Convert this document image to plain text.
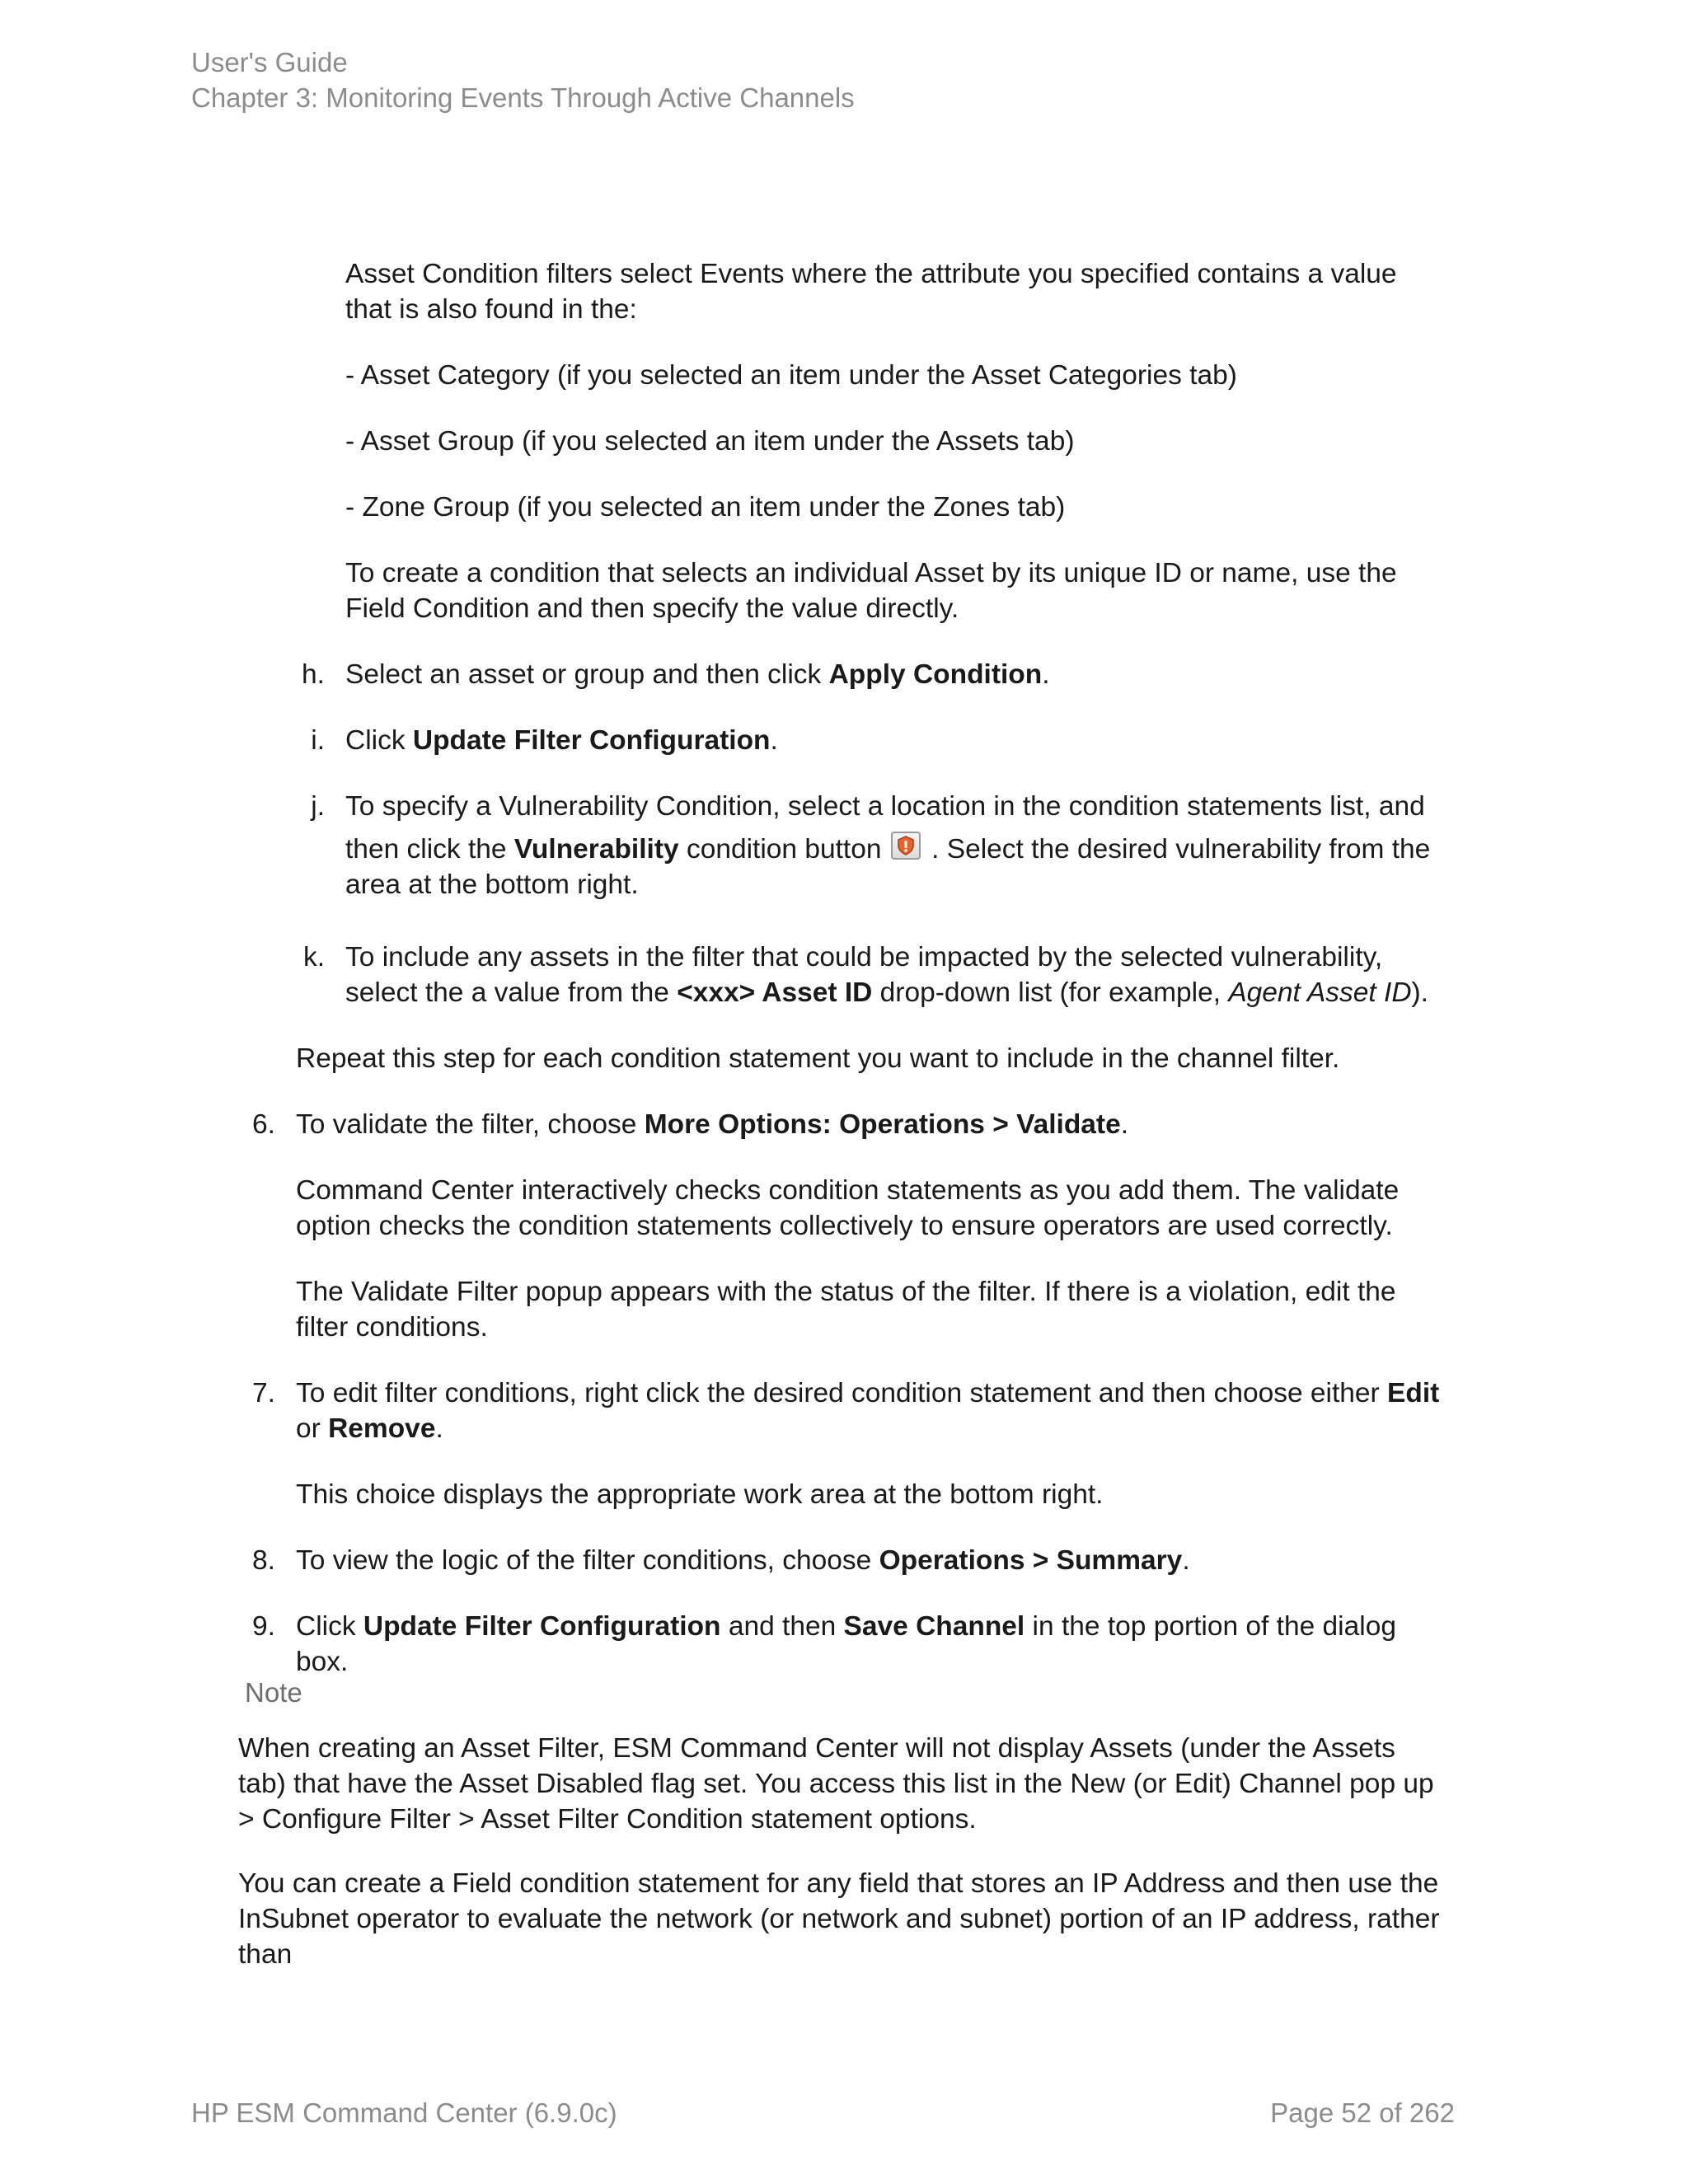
User's Guide
Chapter 3: Monitoring Events Through Active Channels

Asset Condition filters select Events where the attribute you specified contains a value that is also found in the:

- Asset Category (if you selected an item under the Asset Categories tab)

- Asset Group (if you selected an item under the Assets tab)

- Zone Group (if you selected an item under the Zones tab)

To create a condition that selects an individual Asset by its unique ID or name, use the Field Condition and then specify the value directly.

h. Select an asset or group and then click Apply Condition.

i. Click Update Filter Configuration.

j. To specify a Vulnerability Condition, select a location in the condition statements list, and
then click the Vulnerability condition button . Select the desired vulnerability from the area at the bottom right.
k. To include any assets in the filter that could be impacted by the selected vulnerability, select the a value from the <xxx> Asset ID drop-down list (for example, Agent Asset ID).

Repeat this step for each condition statement you want to include in the channel filter.

6. To validate the filter, choose More Options: Operations > Validate.

Command Center interactively checks condition statements as you add them. The validate option checks the condition statements collectively to ensure operators are used correctly.

The Validate Filter popup appears with the status of the filter. If there is a violation, edit the filter conditions.

7. To edit filter conditions, right click the desired condition statement and then choose either Edit or Remove.

This choice displays the appropriate work area at the bottom right.

8. To view the logic of the filter conditions, choose Operations > Summary.

9. Click Update Filter Configuration and then Save Channel in the top portion of the dialog box.

Note

When creating an Asset Filter, ESM Command Center will not display Assets (under the Assets tab) that have the Asset Disabled flag set. You access this list in the New (or Edit) Channel pop up > Configure Filter > Asset Filter Condition statement options.

You can create a Field condition statement for any field that stores an IP Address and then use the InSubnet operator to evaluate the network (or network and subnet) portion of an IP address, rather than

HP ESM Command Center (6.9.0c)	Page 52 of 262
